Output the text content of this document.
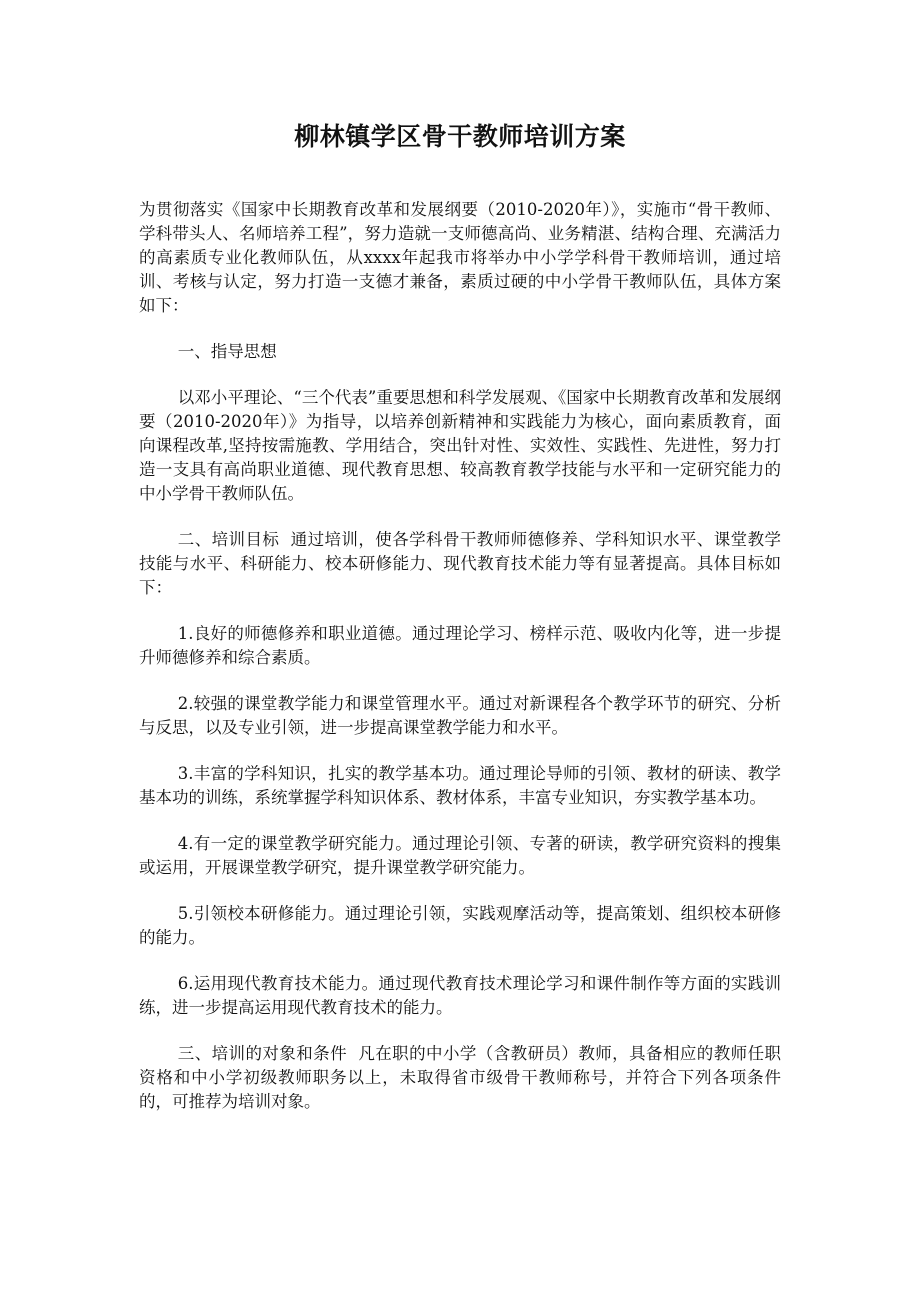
柳林镇学区骨干教师培训方案

为贯彻落实《国家中长期教育改革和发展纲要（2010-2020年）》，实施市“骨干教师、学科带头人、名师培养工程”，努力造就一支师德高尚、业务精湛、结构合理、充满活力的高素质专业化教师队伍，从xxxx年起我市将举办中小学学科骨干教师培训，通过培训、考核与认定，努力打造一支德才兼备，素质过硬的中小学骨干教师队伍，具体方案如下：

一、指导思想

以邓小平理论、“三个代表”重要思想和科学发展观、《国家中长期教育改革和发展纲要（2010-2020年）》为指导，以培养创新精神和实践能力为核心，面向素质教育，面向课程改革,坚持按需施教、学用结合，突出针对性、实效性、实践性、先进性，努力打造一支具有高尚职业道德、现代教育思想、较高教育教学技能与水平和一定研究能力的中小学骨干教师队伍。

二、培训目标  通过培训，使各学科骨干教师师德修养、学科知识水平、课堂教学技能与水平、科研能力、校本研修能力、现代教育技术能力等有显著提高。具体目标如下：

1.良好的师德修养和职业道德。通过理论学习、榜样示范、吸收内化等，进一步提升师德修养和综合素质。

2.较强的课堂教学能力和课堂管理水平。通过对新课程各个教学环节的研究、分析与反思，以及专业引领，进一步提高课堂教学能力和水平。

3.丰富的学科知识，扎实的教学基本功。通过理论导师的引领、教材的研读、教学基本功的训练，系统掌握学科知识体系、教材体系，丰富专业知识，夯实教学基本功。

4.有一定的课堂教学研究能力。通过理论引领、专著的研读，教学研究资料的搜集或运用，开展课堂教学研究，提升课堂教学研究能力。

5.引领校本研修能力。通过理论引领，实践观摩活动等，提高策划、组织校本研修的能力。

6.运用现代教育技术能力。通过现代教育技术理论学习和课件制作等方面的实践训练，进一步提高运用现代教育技术的能力。

三、培训的对象和条件  凡在职的中小学（含教研员）教师，具备相应的教师任职资格和中小学初级教师职务以上，未取得省市级骨干教师称号，并符合下列各项条件的，可推荐为培训对象。
